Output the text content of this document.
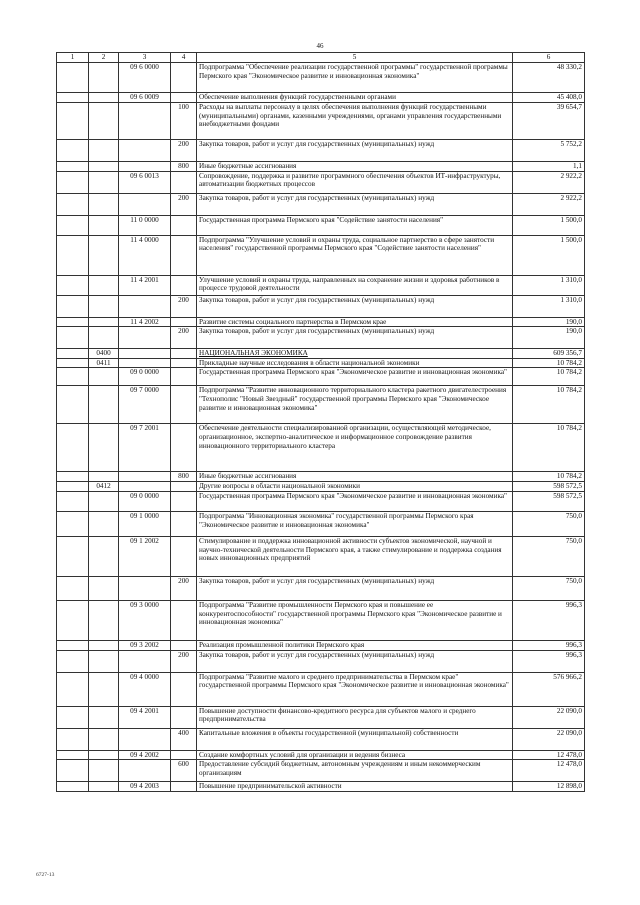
46
1	2	3	4	5	6
		09 6 0000		Подпрограмма "Обеспечение реализации государственной программы" государственной программы Пермского края "Экономическое развитие и инновационная экономика"	48 330,2
		09 6 0009		Обеспечение выполнения функций государственными органами	45 408,0
			100	Расходы на выплаты персоналу в целях обеспечения выполнения функций государственными (муниципальными) органами, казенными учреждениями, органами управления государственными внебюджетными фондами	39 654,7
			200	Закупка товаров, работ и услуг для государственных (муниципальных) нужд	5 752,2
			800	Иные бюджетные ассигнования	1,1
		09 6 0013		Сопровождение, поддержка и развитие программного обеспечения объектов ИТ-инфраструктуры, автоматизации бюджетных процессов	2 922,2
			200	Закупка товаров, работ и услуг для государственных (муниципальных) нужд	2 922,2
		11 0 0000		Государственная программа Пермского края "Содействие занятости населения"	1 500,0
		11 4 0000		Подпрограмма "Улучшение условий и охраны труда, социальное партнерство в сфере занятости населения" государственной программы Пермского края "Содействие занятости населения"	1 500,0
		11 4 2001		Улучшение условий и охраны труда, направленных на сохранение жизни и здоровья работников в процессе трудовой деятельности	1 310,0
			200	Закупка товаров, работ и услуг для государственных (муниципальных) нужд	1 310,0
		11 4 2002		Развитие системы социального партнерства в Пермском крае	190,0
			200	Закупка товаров, работ и услуг для государственных (муниципальных) нужд	190,0
	0400			НАЦИОНАЛЬНАЯ ЭКОНОМИКА	609 356,7
	0411			Прикладные научные исследования в области национальной экономики	10 784,2
		09 0 0000		Государственная программа Пермского края "Экономическое развитие и инновационная экономика"	10 784,2
		09 7 0000		Подпрограмма "Развитие инновационного территориального кластера ракетного двигателестроения "Технополис "Новый Звездный" государственной программы Пермского края "Экономическое развитие и инновационная экономика"	10 784,2
		09 7 2001		Обеспечение деятельности специализированной организации, осуществляющей методическое, организационное, экспертно-аналитическое и информационное сопровождение развития инновационного территориального кластера	10 784,2
			800	Иные бюджетные ассигнования	10 784,2
	0412			Другие вопросы в области национальной экономики	598 572,5
		09 0 0000		Государственная программа Пермского края "Экономическое развитие и инновационная экономика"	598 572,5
		09 1 0000		Подпрограмма "Инновационная экономика" государственной программы Пермского края "Экономическое развитие и инновационная экономика"	750,0
		09 1 2002		Стимулирование и поддержка инновационной активности субъектов экономической, научной и научно-технической деятельности Пермского края, а также стимулирование и поддержка создания новых инновационных предприятий	750,0
			200	Закупка товаров, работ и услуг для государственных (муниципальных) нужд	750,0
		09 3 0000		Подпрограмма "Развитие промышленности Пермского края и повышение ее конкурентоспособности" государственной программы Пермского края "Экономическое развитие и инновационная экономика"	996,3
		09 3 2002		Реализация промышленной политики Пермского края	996,3
			200	Закупка товаров, работ и услуг для государственных (муниципальных) нужд	996,3
		09 4 0000		Подпрограмма "Развитие малого и среднего предпринимательства в Пермском крае" государственной программы Пермского края "Экономическое развитие и инновационная экономика"	576 966,2
		09 4 2001		Повышение доступности финансово-кредитного ресурса для субъектов малого и среднего предпринимательства	22 090,0
			400	Капитальные вложения в объекты государственной (муниципальной) собственности	22 090,0
		09 4 2002		Создание комфортных условий для организации и ведения бизнеса	12 478,0
			600	Предоставление субсидий бюджетным, автономным учреждениям и иным некоммерческим организациям	12 478,0
		09 4 2003		Повышение предпринимательской активности	12 898,0
6727-13
